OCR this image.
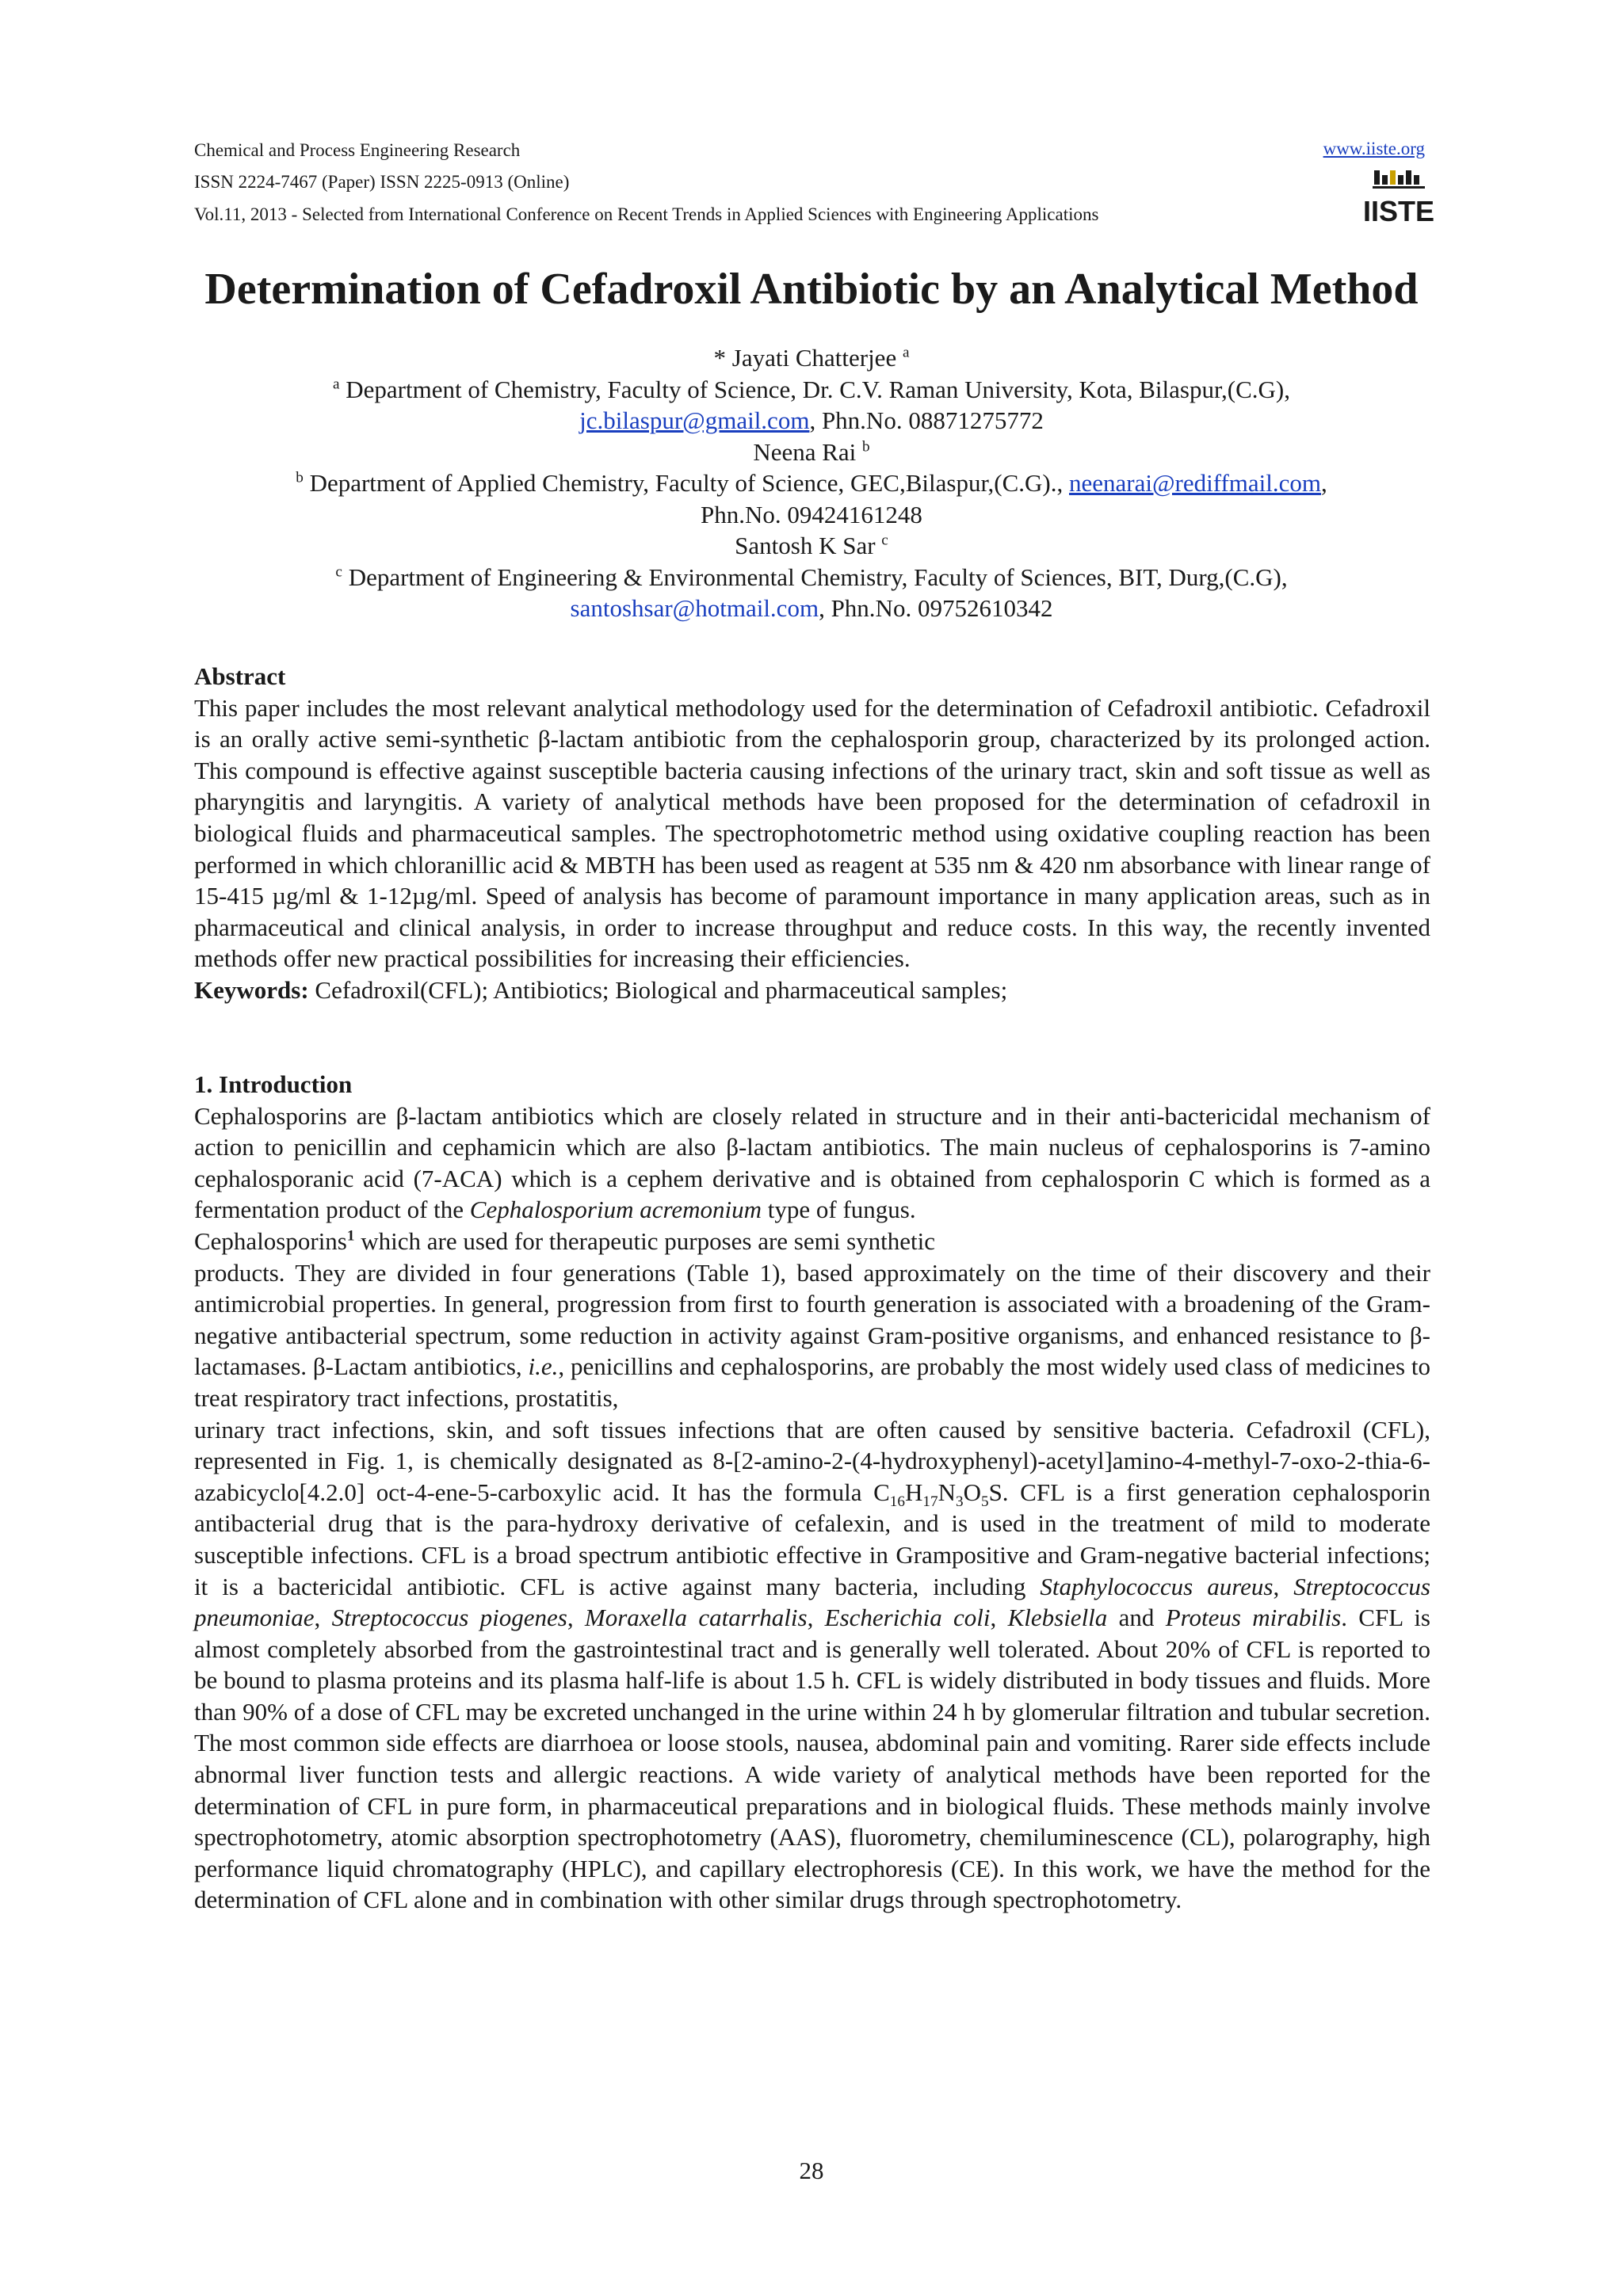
Chemical and Process Engineering Research
ISSN 2224-7467 (Paper) ISSN 2225-0913 (Online)
Vol.11, 2013 - Selected from International Conference on Recent Trends in Applied Sciences with Engineering Applications
www.iiste.org
IISTE
Determination of Cefadroxil Antibiotic by an Analytical Method
* Jayati Chatterjee $^a$
$^a$ Department of Chemistry, Faculty of Science, Dr. C.V. Raman University, Kota, Bilaspur,(C.G),
jc.bilaspur@gmail.com, Phn.No. 08871275772
Neena Rai $^b$
$^b$ Department of Applied Chemistry, Faculty of Science, GEC,Bilaspur,(C.G)., neenarai@rediffmail.com,
Phn.No. 09424161248
Santosh K Sar $^c$
$^c$ Department of Engineering & Environmental Chemistry, Faculty of Sciences, BIT, Durg,(C.G),
santoshsar@hotmail.com, Phn.No. 09752610342
Abstract

This paper includes the most relevant analytical methodology used for the determination of Cefadroxil antibiotic. Cefadroxil is an orally active semi-synthetic β-lactam antibiotic from the cephalosporin group, characterized by its prolonged action. This compound is effective against susceptible bacteria causing infections of the urinary tract, skin and soft tissue as well as pharyngitis and laryngitis. A variety of analytical methods have been proposed for the determination of cefadroxil in biological fluids and pharmaceutical samples. The spectrophotometric method using oxidative coupling reaction has been performed in which chloranillic acid & MBTH has been used as reagent at 535 nm & 420 nm absorbance with linear range of 15-415 µg/ml & 1-12µg/ml. Speed of analysis has become of paramount importance in many application areas, such as in pharmaceutical and clinical analysis, in order to increase throughput and reduce costs. In this way, the recently invented methods offer new practical possibilities for increasing their efficiencies.

Keywords: Cefadroxil(CFL); Antibiotics; Biological and pharmaceutical samples;

1. Introduction

Cephalosporins are β-lactam antibiotics which are closely related in structure and in their anti-bactericidal mechanism of action to penicillin and cephamicin which are also β-lactam antibiotics. The main nucleus of cephalosporins is 7-amino cephalosporanic acid (7-ACA) which is a cephem derivative and is obtained from cephalosporin C which is formed as a fermentation product of the Cephalosporium acremonium type of fungus.
Cephalosporins$^1$ which are used for therapeutic purposes are semi synthetic

products. They are divided in four generations (Table 1), based approximately on the time of their discovery and their antimicrobial properties. In general, progression from first to fourth generation is associated with a broadening of the Gram-negative antibacterial spectrum, some reduction in activity against Gram-positive organisms, and enhanced resistance to β-lactamases. β-Lactam antibiotics, i.e., penicillins and cephalosporins, are probably the most widely used class of medicines to treat respiratory tract infections, prostatitis,

urinary tract infections, skin, and soft tissues infections that are often caused by sensitive bacteria. Cefadroxil (CFL), represented in Fig. 1, is chemically designated as 8-[2-amino-2-(4-hydroxyphenyl)-acetyl]amino-4-methyl-7-oxo-2-thia-6-azabicyclo[4.2.0] oct-4-ene-5-carboxylic acid. It has the formula $C_{16}H_{17}N_3O_5S$. CFL is a first generation cephalosporin antibacterial drug that is the para-hydroxy derivative of cefalexin, and is used in the treatment of mild to moderate susceptible infections. CFL is a broad spectrum antibiotic effective in Grampositive and Gram-negative bacterial infections; it is a bactericidal antibiotic. CFL is active against many bacteria, including Staphylococcus aureus, Streptococcus pneumoniae, Streptococcus piogenes, Moraxella catarrhalis, Escherichia coli, Klebsiella and Proteus mirabilis. CFL is almost completely absorbed from the gastrointestinal tract and is generally well tolerated. About 20% of CFL is reported to be bound to plasma proteins and its plasma half-life is about 1.5 h. CFL is widely distributed in body tissues and fluids. More than 90% of a dose of CFL may be excreted unchanged in the urine within 24 h by glomerular filtration and tubular secretion. The most common side effects are diarrhoea or loose stools, nausea, abdominal pain and vomiting. Rarer side effects include abnormal liver function tests and allergic reactions. A wide variety of analytical methods have been reported for the determination of CFL in pure form, in pharmaceutical preparations and in biological fluids. These methods mainly involve spectrophotometry, atomic absorption spectrophotometry (AAS), fluorometry, chemiluminescence (CL), polarography, high performance liquid chromatography (HPLC), and capillary electrophoresis (CE). In this work, we have the method for the determination of CFL alone and in combination with other similar drugs through spectrophotometry.

28
